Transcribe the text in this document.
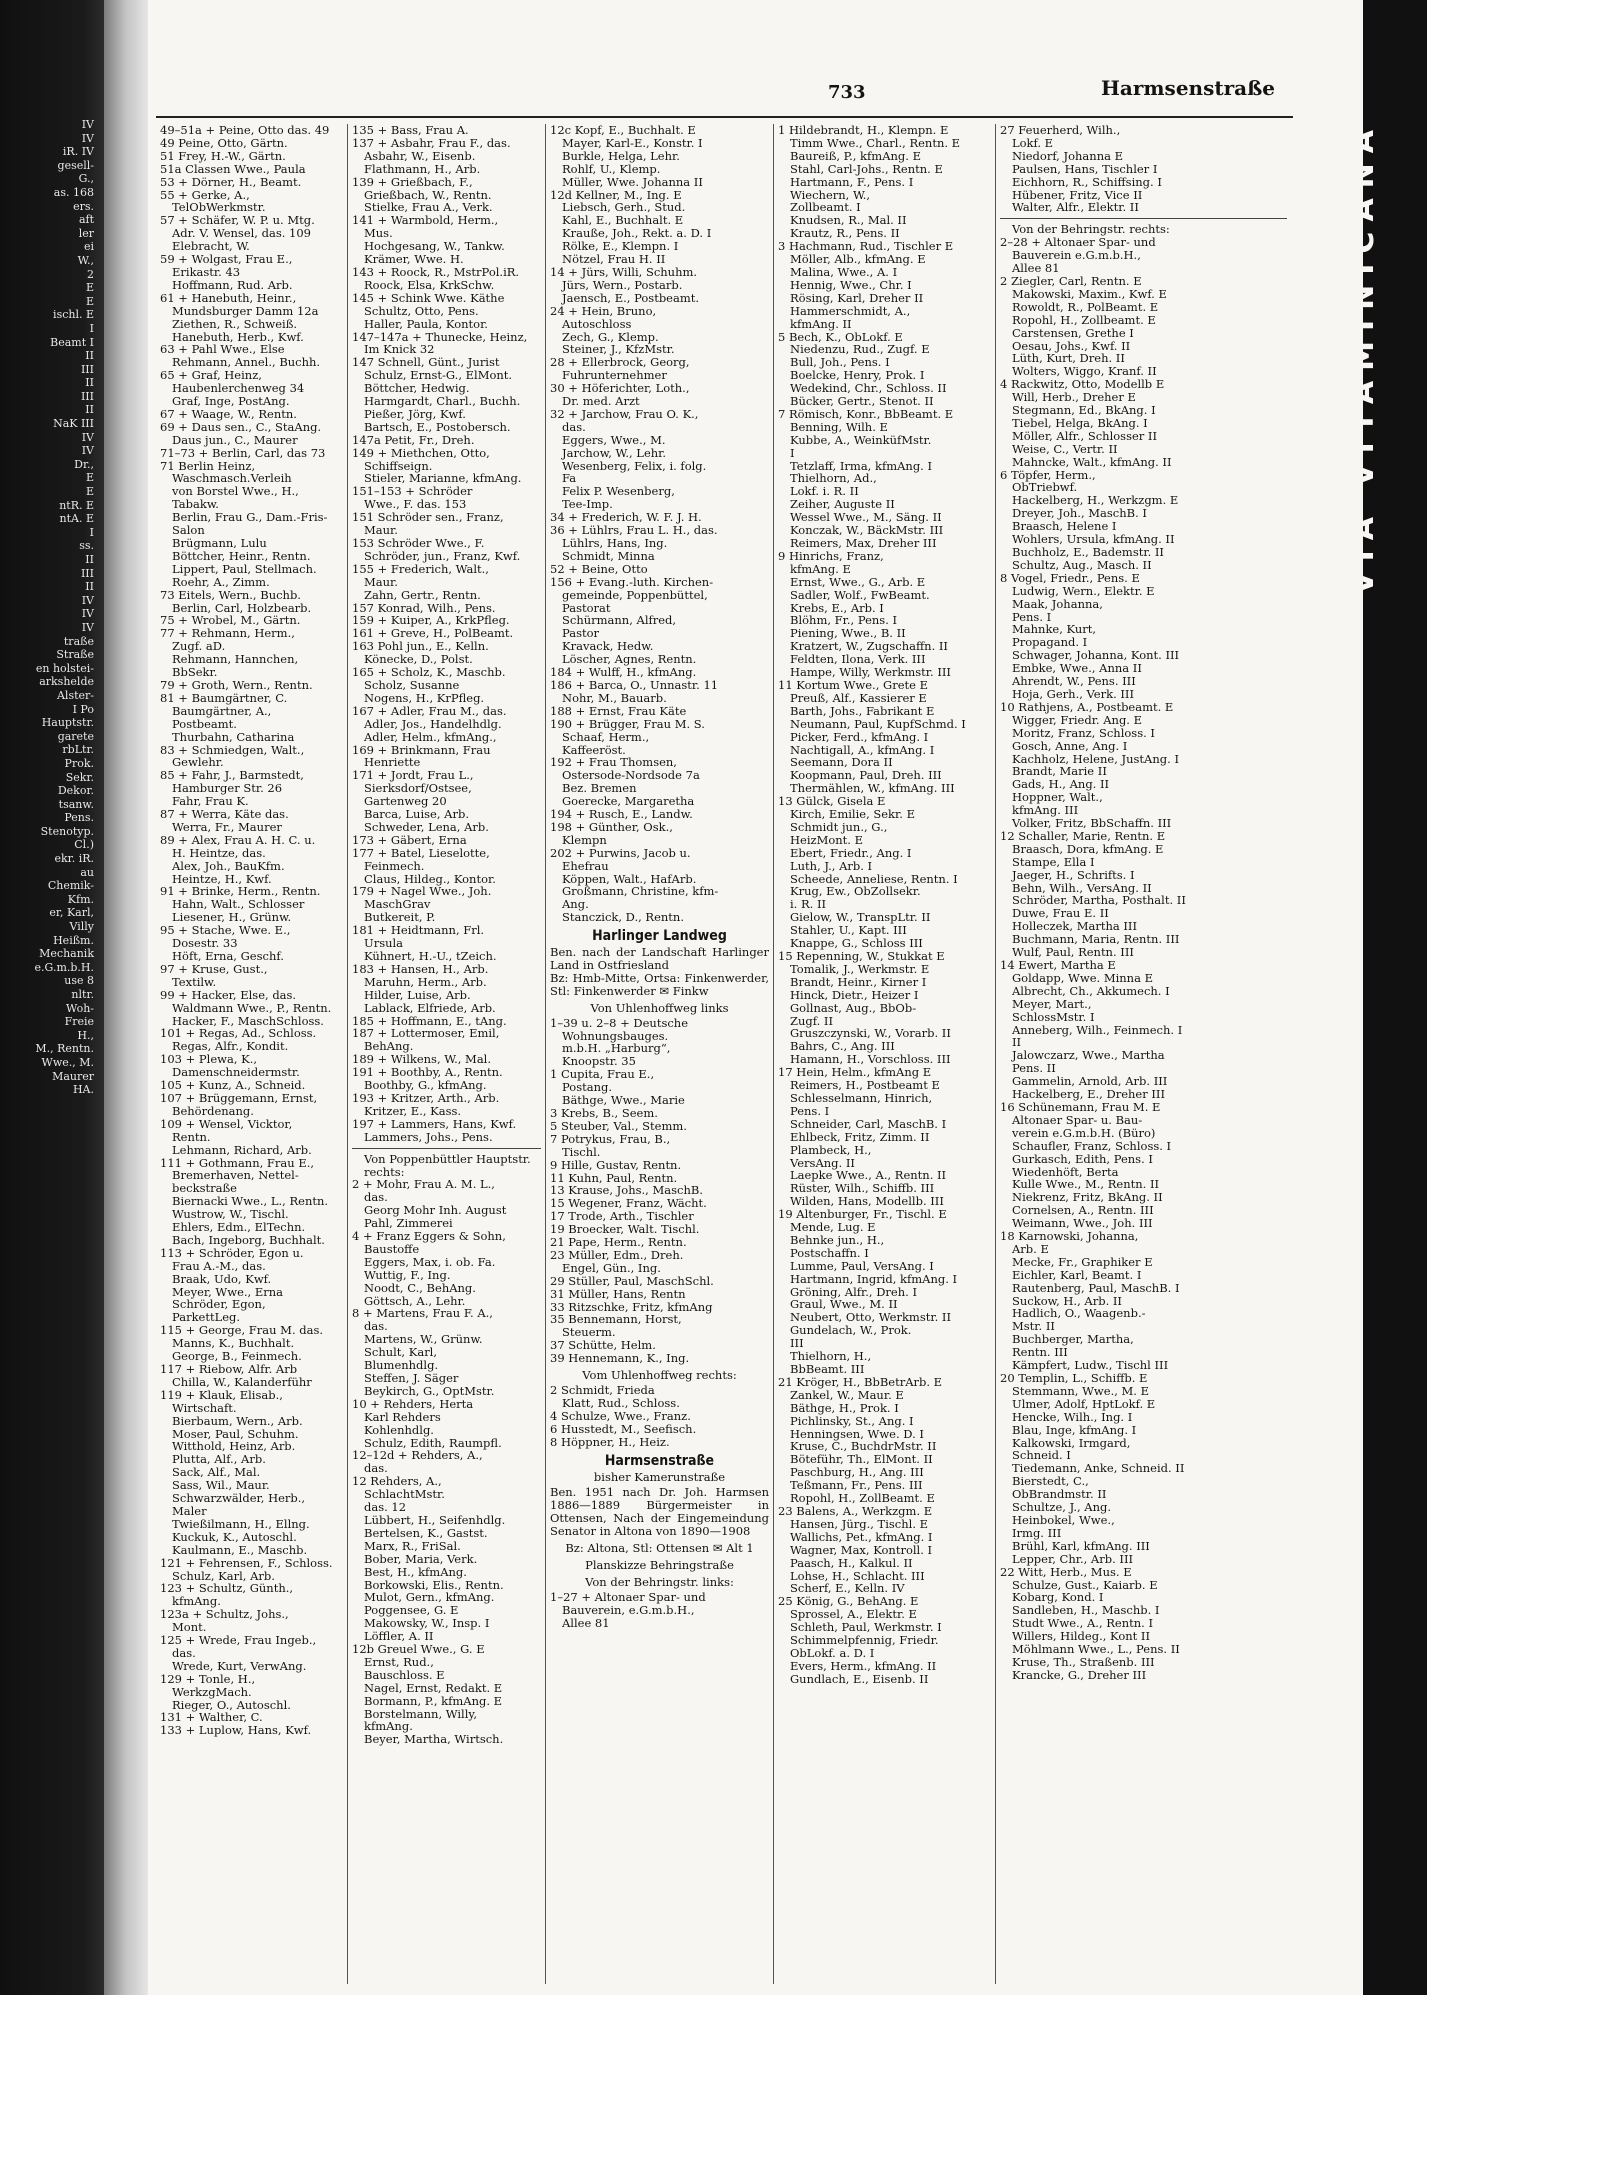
IV
IV
iR. IV
gesell-
G.,
as. 168
ers.
aft
ler
ei
W.,
2
E
E
ischl. E
I
Beamt I
II
III
II
III
II
NaK III
IV
IV
Dr.,
E
E
ntR. E
ntA. E
I
ss.
II
III
II
IV
IV
IV
traße
Straße
en holstei-
arkshelde
Alster-
I Po
Hauptstr.
garete
rbLtr.
Prok.
Sekr.
Dekor.
tsanw.
Pens.
Stenotyp.
Cl.)
ekr. iR.
au
Chemik-
Kfm.
er, Karl,
Villy
Heißm.
Mechanik
e.G.m.b.H.
use 8
nltr.
Woh-
Freie
H.,
M., Rentn.
Wwe., M.
Maurer
HA.
733	Harmsenstraße
49–51a + Peine, Otto das. 49
49 Peine, Otto, Gärtn.
51 Frey, H.-W., Gärtn.
51a Classen Wwe., Paula
53 + Dörner, H., Beamt.
55 + Gerke, A.,
TelObWerkmstr.
57 + Schäfer, W. P. u. Mtg.
Adr. V. Wensel, das. 109
Elebracht, W.
59 + Wolgast, Frau E.,
Erikastr. 43
Hoffmann, Rud. Arb.
61 + Hanebuth, Heinr.,
Mundsburger Damm 12a
Ziethen, R., Schweiß.
Hanebuth, Herb., Kwf.
63 + Pahl Wwe., Else
Rehmann, Annel., Buchh.
65 + Graf, Heinz,
Haubenlerchenweg 34
Graf, Inge, PostAng.
67 + Waage, W., Rentn.
69 + Daus sen., C., StaAng.
Daus jun., C., Maurer
71–73 + Berlin, Carl, das 73
71 Berlin Heinz,
Waschmasch.Verleih
von Borstel Wwe., H.,
Tabakw.
Berlin, Frau G., Dam.-Fris-
Salon
Brügmann, Lulu
Böttcher, Heinr., Rentn.
Lippert, Paul, Stellmach.
Roehr, A., Zimm.
73 Eitels, Wern., Buchb.
Berlin, Carl, Holzbearb.
75 + Wrobel, M., Gärtn.
77 + Rehmann, Herm.,
Zugf. aD.
Rehmann, Hannchen,
BbSekr.
79 + Groth, Wern., Rentn.
81 + Baumgärtner, C.
Baumgärtner, A.,
Postbeamt.
Thurbahn, Catharina
83 + Schmiedgen, Walt.,
Gewlehr.
85 + Fahr, J., Barmstedt,
Hamburger Str. 26
Fahr, Frau K.
87 + Werra, Käte das.
Werra, Fr., Maurer
89 + Alex, Frau A. H. C. u.
H. Heintze, das.
Alex, Joh., BauKfm.
Heintze, H., Kwf.
91 + Brinke, Herm., Rentn.
Hahn, Walt., Schlosser
Liesener, H., Grünw.
95 + Stache, Wwe. E.,
Dosestr. 33
Höft, Erna, Geschf.
97 + Kruse, Gust.,
Textilw.
99 + Hacker, Else, das.
Waldmann Wwe., P., Rentn.
Hacker, F., MaschSchloss.
101 + Regas, Ad., Schloss.
Regas, Alfr., Kondit.
103 + Plewa, K.,
Damenschneidermstr.
105 + Kunz, A., Schneid.
107 + Brüggemann, Ernst,
Behördenang.
109 + Wensel, Vicktor,
Rentn.
Lehmann, Richard, Arb.
111 + Gothmann, Frau E.,
Bremerhaven, Nettel-
beckstraße
Biernacki Wwe., L., Rentn.
Wustrow, W., Tischl.
Ehlers, Edm., ElTechn.
Bach, Ingeborg, Buchhalt.
113 + Schröder, Egon u.
Frau A.-M., das.
Braak, Udo, Kwf.
Meyer, Wwe., Erna
Schröder, Egon,
ParkettLeg.
115 + George, Frau M. das.
Manns, K., Buchhalt.
George, B., Feinmech.
117 + Riebow, Alfr. Arb
Chilla, W., Kalanderführ
119 + Klauk, Elisab.,
Wirtschaft.
Bierbaum, Wern., Arb.
Moser, Paul, Schuhm.
Witthold, Heinz, Arb.
Plutta, Alf., Arb.
Sack, Alf., Mal.
Sass, Wil., Maur.
Schwarzwälder, Herb.,
Maler
Twießilmann, H., Ellng.
Kuckuk, K., Autoschl.
Kaulmann, E., Maschb.
121 + Fehrensen, F., Schloss.
Schulz, Karl, Arb.
123 + Schultz, Günth.,
kfmAng.
123a + Schultz, Johs.,
Mont.
125 + Wrede, Frau Ingeb.,
das.
Wrede, Kurt, VerwAng.
129 + Tonle, H.,
WerkzgMach.
Rieger, O., Autoschl.
131 + Walther, C.
133 + Luplow, Hans, Kwf.
135 + Bass, Frau A.
137 + Asbahr, Frau F., das.
Asbahr, W., Eisenb.
Flathmann, H., Arb.
139 + Grießbach, F.,
Grießbach, W., Rentn.
Stielke, Frau A., Verk.
141 + Warmbold, Herm.,
Mus.
Hochgesang, W., Tankw.
Krämer, Wwe. H.
143 + Roock, R., MstrPol.iR.
Roock, Elsa, KrkSchw.
145 + Schink Wwe. Käthe
Schultz, Otto, Pens.
Haller, Paula, Kontor.
147–147a + Thunecke, Heinz,
Im Knick 32
147 Schnell, Günt., Jurist
Schulz, Ernst-G., ElMont.
Böttcher, Hedwig.
Harmgardt, Charl., Buchh.
Pießer, Jörg, Kwf.
Bartsch, E., Postobersch.
147a Petit, Fr., Dreh.
149 + Miethchen, Otto,
Schiffseign.
Stieler, Marianne, kfmAng.
151–153 + Schröder
Wwe., F. das. 153
151 Schröder sen., Franz,
Maur.
153 Schröder Wwe., F.
Schröder, jun., Franz, Kwf.
155 + Frederich, Walt.,
Maur.
Zahn, Gertr., Rentn.
157 Konrad, Wilh., Pens.
159 + Kuiper, A., KrkPfleg.
161 + Greve, H., PolBeamt.
163 Pohl jun., E., Kelln.
Könecke, D., Polst.
165 + Scholz, K., Maschb.
Scholz, Susanne
Nogens, H., KrPfleg.
167 + Adler, Frau M., das.
Adler, Jos., Handelhdlg.
Adler, Helm., kfmAng.,
169 + Brinkmann, Frau
Henriette
171 + Jordt, Frau L.,
Sierksdorf/Ostsee,
Gartenweg 20
Barca, Luise, Arb.
Schweder, Lena, Arb.
173 + Gäbert, Erna
177 + Batel, Lieselotte,
Feinmech.
Claus, Hildeg., Kontor.
179 + Nagel Wwe., Joh.
MaschGrav
Butkereit, P.
181 + Heidtmann, Frl.
Ursula
Kühnert, H.-U., tZeich.
183 + Hansen, H., Arb.
Maruhn, Herm., Arb.
Hilder, Luise, Arb.
Lablack, Elfriede, Arb.
185 + Hoffmann, E., tAng.
187 + Lottermoser, Emil,
BehAng.
189 + Wilkens, W., Mal.
191 + Boothby, A., Rentn.
Boothby, G., kfmAng.
193 + Kritzer, Arth., Arb.
Kritzer, E., Kass.
197 + Lammers, Hans, Kwf.
Lammers, Johs., Pens.
Von Poppenbüttler Hauptstr.
rechts:
2 + Mohr, Frau A. M. L.,
das.
Georg Mohr Inh. August
Pahl, Zimmerei
4 + Franz Eggers & Sohn,
Baustoffe
Eggers, Max, i. ob. Fa.
Wuttig, F., Ing.
Noodt, C., BehAng.
Göttsch, A., Lehr.
8 + Martens, Frau F. A.,
das.
Martens, W., Grünw.
Schult, Karl,
Blumenhdlg.
Steffen, J. Säger
Beykirch, G., OptMstr.
10 + Rehders, Herta
Karl Rehders
Kohlenhdlg.
Schulz, Edith, Raumpfl.
12–12d + Rehders, A.,
das.
12 Rehders, A.,
SchlachtMstr.
das. 12
Lübbert, H., Seifenhdlg.
Bertelsen, K., Gastst.
Marx, R., FriSal.
Bober, Maria, Verk.
Best, H., kfmAng.
Borkowski, Elis., Rentn.
Mulot, Gern., kfmAng.
Poggensee, G. E
Makowsky, W., Insp. I
Löffler, A. II
12b Greuel Wwe., G. E
Ernst, Rud.,
Bauschloss. E
Nagel, Ernst, Redakt. E
Bormann, P., kfmAng. E
Borstelmann, Willy,
kfmAng.
Beyer, Martha, Wirtsch.
12c Kopf, E., Buchhalt. E
Mayer, Karl-E., Konstr. I
Burkle, Helga, Lehr.
Rohlf, U., Klemp.
Müller, Wwe. Johanna II
12d Kellner, M., Ing. E
Liebsch, Gerh., Stud.
Kahl, E., Buchhalt. E
Krauße, Joh., Rekt. a. D. I
Rölke, E., Klempn. I
Nötzel, Frau H. II
14 + Jürs, Willi, Schuhm.
Jürs, Wern., Postarb.
Jaensch, E., Postbeamt.
24 + Hein, Bruno,
Autoschloss
Zech, G., Klemp.
Steiner, J., KfzMstr.
28 + Ellerbrock, Georg,
Fuhrunternehmer
30 + Höferichter, Loth.,
Dr. med. Arzt
32 + Jarchow, Frau O. K.,
das.
Eggers, Wwe., M.
Jarchow, W., Lehr.
Wesenberg, Felix, i. folg.
Fa
Felix P. Wesenberg,
Tee-Imp.
34 + Frederich, W. F. J. H.
36 + Lühlrs, Frau L. H., das.
Lühlrs, Hans, Ing.
Schmidt, Minna
52 + Beine, Otto
156 + Evang.-luth. Kirchen-
gemeinde, Poppenbüttel,
Pastorat
Schürmann, Alfred,
Pastor
Kravack, Hedw.
Löscher, Agnes, Rentn.
184 + Wulff, H., kfmAng.
186 + Barca, O., Unnastr. 11
Nohr, M., Bauarb.
188 + Ernst, Frau Käte
190 + Brügger, Frau M. S.
Schaaf, Herm.,
Kaffeeröst.
192 + Frau Thomsen,
Ostersode-Nordsode 7a
Bez. Bremen
Goerecke, Margaretha
194 + Rusch, E., Landw.
198 + Günther, Osk.,
Klempn
202 + Purwins, Jacob u.
Ehefrau
Köppen, Walt., HafArb.
Großmann, Christine, kfm-
Ang.
Stanczick, D., Rentn.
Harlinger Landweg
Ben. nach der Landschaft Harlinger Land in Ostfriesland
Bz: Hmb-Mitte, Ortsa: Finkenwerder, Stl: Finkenwerder ✉ Finkw
Von Uhlenhoffweg links
1–39 u. 2–8 + Deutsche
Wohnungsbauges.
m.b.H. „Harburg“,
Knoopstr. 35
1 Cupita, Frau E.,
Postang.
Bäthge, Wwe., Marie
3 Krebs, B., Seem.
5 Steuber, Val., Stemm.
7 Potrykus, Frau, B.,
Tischl.
9 Hille, Gustav, Rentn.
11 Kuhn, Paul, Rentn.
13 Krause, Johs., MaschB.
15 Wegener, Franz, Wächt.
17 Trode, Arth., Tischler
19 Broecker, Walt. Tischl.
21 Pape, Herm., Rentn.
23 Müller, Edm., Dreh.
Engel, Gün., Ing.
29 Stüller, Paul, MaschSchl.
31 Müller, Hans, Rentn
33 Ritzschke, Fritz, kfmAng
35 Bennemann, Horst,
Steuerm.
37 Schütte, Helm.
39 Hennemann, K., Ing.
Vom Uhlenhoffweg rechts:
2 Schmidt, Frieda
Klatt, Rud., Schloss.
4 Schulze, Wwe., Franz.
6 Husstedt, M., Seefisch.
8 Höppner, H., Heiz.
Harmsenstraße
bisher Kamerunstraße
Ben. 1951 nach Dr. Joh. Harmsen 1886—1889 Bürgermeister in Ottensen, Nach der Eingemeindung Senator in Altona von 1890—1908
Bz: Altona, Stl: Ottensen ✉ Alt 1
Planskizze Behringstraße
Von der Behringstr. links:
1–27 + Altonaer Spar- und
Bauverein, e.G.m.b.H.,
Allee 81
1 Hildebrandt, H., Klempn. E
Timm Wwe., Charl., Rentn. E
Baureiß, P., kfmAng. E
Stahl, Carl-Johs., Rentn. E
Hartmann, F., Pens. I
Wiechern, W.,
Zollbeamt. I
Knudsen, R., Mal. II
Krautz, R., Pens. II
3 Hachmann, Rud., Tischler E
Möller, Alb., kfmAng. E
Malina, Wwe., A. I
Hennig, Wwe., Chr. I
Rösing, Karl, Dreher II
Hammerschmidt, A.,
kfmAng. II
5 Bech, K., ObLokf. E
Niedenzu, Rud., Zugf. E
Bull, Joh., Pens. I
Boelcke, Henry, Prok. I
Wedekind, Chr., Schloss. II
Bücker, Gertr., Stenot. II
7 Römisch, Konr., BbBeamt. E
Benning, Wilh. E
Kubbe, A., WeinküfMstr.
I
Tetzlaff, Irma, kfmAng. I
Thielhorn, Ad.,
Lokf. i. R. II
Zeiher, Auguste II
Wessel Wwe., M., Säng. II
Konczak, W., BäckMstr. III
Reimers, Max, Dreher III
9 Hinrichs, Franz,
kfmAng. E
Ernst, Wwe., G., Arb. E
Sadler, Wolf., FwBeamt.
Krebs, E., Arb. I
Blöhm, Fr., Pens. I
Piening, Wwe., B. II
Kratzert, W., Zugschaffn. II
Feldten, Ilona, Verk. III
Hampe, Willy, Werkmstr. III
11 Kortum Wwe., Grete E
Preuß, Alf., Kassierer E
Barth, Johs., Fabrikant E
Neumann, Paul, KupfSchmd. I
Picker, Ferd., kfmAng. I
Nachtigall, A., kfmAng. I
Seemann, Dora II
Koopmann, Paul, Dreh. III
Thermählen, W., kfmAng. III
13 Gülck, Gisela E
Kirch, Emilie, Sekr. E
Schmidt jun., G.,
HeizMont. E
Ebert, Friedr., Ang. I
Luth, J., Arb. I
Scheede, Anneliese, Rentn. I
Krug, Ew., ObZollsekr.
i. R. II
Gielow, W., TranspLtr. II
Stahler, U., Kapt. III
Knappe, G., Schloss III
15 Repenning, W., Stukkat E
Tomalik, J., Werkmstr. E
Brandt, Heinr., Kirner I
Hinck, Dietr., Heizer I
Gollnast, Aug., BbOb-
Zugf. II
Gruszczynski, W., Vorarb. II
Bahrs, C., Ang. III
Hamann, H., Vorschloss. III
17 Hein, Helm., kfmAng E
Reimers, H., Postbeamt E
Schlesselmann, Hinrich,
Pens. I
Schneider, Carl, MaschB. I
Ehlbeck, Fritz, Zimm. II
Plambeck, H.,
VersAng. II
Laepke Wwe., A., Rentn. II
Rüster, Wilh., Schiffb. III
Wilden, Hans, Modellb. III
19 Altenburger, Fr., Tischl. E
Mende, Lug. E
Behnke jun., H.,
Postschaffn. I
Lumme, Paul, VersAng. I
Hartmann, Ingrid, kfmAng. I
Gröning, Alfr., Dreh. I
Graul, Wwe., M. II
Neubert, Otto, Werkmstr. II
Gundelach, W., Prok.
III
Thielhorn, H.,
BbBeamt. III
21 Kröger, H., BbBetrArb. E
Zankel, W., Maur. E
Bäthge, H., Prok. I
Pichlinsky, St., Ang. I
Henningsen, Wwe. D. I
Kruse, C., BuchdrMstr. II
Böteführ, Th., ElMont. II
Paschburg, H., Ang. III
Teßmann, Fr., Pens. III
Ropohl, H., ZollBeamt. E
23 Balens, A., Werkzgm. E
Hansen, Jürg., Tischl. E
Wallichs, Pet., kfmAng. I
Wagner, Max, Kontroll. I
Paasch, H., Kalkul. II
Lohse, H., Schlacht. III
Scherf, E., Kelln. IV
25 König, G., BehAng. E
Sprossel, A., Elektr. E
Schleth, Paul, Werkmstr. I
Schimmelpfennig, Friedr.
ObLokf. a. D. I
Evers, Herm., kfmAng. II
Gundlach, E., Eisenb. II
27 Feuerherd, Wilh.,
Lokf. E
Niedorf, Johanna E
Paulsen, Hans, Tischler I
Eichhorn, R., Schiffsing. I
Hübener, Fritz, Vice II
Walter, Alfr., Elektr. II
Von der Behringstr. rechts:
2–28 + Altonaer Spar- und
Bauverein e.G.m.b.H.,
Allee 81
2 Ziegler, Carl, Rentn. E
Makowski, Maxim., Kwf. E
Rowoldt, R., PolBeamt. E
Ropohl, H., Zollbeamt. E
Carstensen, Grethe I
Oesau, Johs., Kwf. II
Lüth, Kurt, Dreh. II
Wolters, Wiggo, Kranf. II
4 Rackwitz, Otto, Modellb E
Will, Herb., Dreher E
Stegmann, Ed., BkAng. I
Tiebel, Helga, BkAng. I
Möller, Alfr., Schlosser II
Weise, C., Vertr. II
Mahncke, Walt., kfmAng. II
6 Töpfer, Herm.,
ObTriebwf.
Hackelberg, H., Werkzgm. E
Dreyer, Joh., MaschB. I
Braasch, Helene I
Wohlers, Ursula, kfmAng. II
Buchholz, E., Bademstr. II
Schultz, Aug., Masch. II
8 Vogel, Friedr., Pens. E
Ludwig, Wern., Elektr. E
Maak, Johanna,
Pens. I
Mahnke, Kurt,
Propagand. I
Schwager, Johanna, Kont. III
Embke, Wwe., Anna II
Ahrendt, W., Pens. III
Hoja, Gerh., Verk. III
10 Rathjens, A., Postbeamt. E
Wigger, Friedr. Ang. E
Moritz, Franz, Schloss. I
Gosch, Anne, Ang. I
Kachholz, Helene, JustAng. I
Brandt, Marie II
Gads, H., Ang. II
Hoppner, Walt.,
kfmAng. III
Volker, Fritz, BbSchaffn. III
12 Schaller, Marie, Rentn. E
Braasch, Dora, kfmAng. E
Stampe, Ella I
Jaeger, H., Schrifts. I
Behn, Wilh., VersAng. II
Schröder, Martha, Posthalt. II
Duwe, Frau E. II
Holleczek, Martha III
Buchmann, Maria, Rentn. III
Wulf, Paul, Rentn. III
14 Ewert, Martha E
Goldapp, Wwe. Minna E
Albrecht, Ch., Akkumech. I
Meyer, Mart.,
SchlossMstr. I
Anneberg, Wilh., Feinmech. I
II
Jalowczarz, Wwe., Martha
Pens. II
Gammelin, Arnold, Arb. III
Hackelberg, E., Dreher III
16 Schünemann, Frau M. E
Altonaer Spar- u. Bau-
verein e.G.m.b.H. (Büro)
Schaufler, Franz, Schloss. I
Gurkasch, Edith, Pens. I
Wiedenhöft, Berta
Kulle Wwe., M., Rentn. II
Niekrenz, Fritz, BkAng. II
Cornelsen, A., Rentn. III
Weimann, Wwe., Joh. III
18 Karnowski, Johanna,
Arb. E
Mecke, Fr., Graphiker E
Eichler, Karl, Beamt. I
Rautenberg, Paul, MaschB. I
Suckow, H., Arb. II
Hadlich, O., Waagenb.-
Mstr. II
Buchberger, Martha,
Rentn. III
Kämpfert, Ludw., Tischl III
20 Templin, L., Schiffb. E
Stemmann, Wwe., M. E
Ulmer, Adolf, HptLokf. E
Hencke, Wilh., Ing. I
Blau, Inge, kfmAng. I
Kalkowski, Irmgard,
Schneid. I
Tiedemann, Anke, Schneid. II
Bierstedt, C.,
ObBrandmstr. II
Schultze, J., Ang.
Heinbokel, Wwe.,
Irmg. III
Brühl, Karl, kfmAng. III
Lepper, Chr., Arb. III
22 Witt, Herb., Mus. E
Schulze, Gust., Kaiarb. E
Kobarg, Kond. I
Sandleben, H., Maschb. I
Studt Wwe., A., Rentn. I
Willers, Hildeg., Kont II
Möhlmann Wwe., L., Pens. II
Kruse, Th., Straßenb. III
Krancke, G., Dreher III
VIA VITAMINICANA
